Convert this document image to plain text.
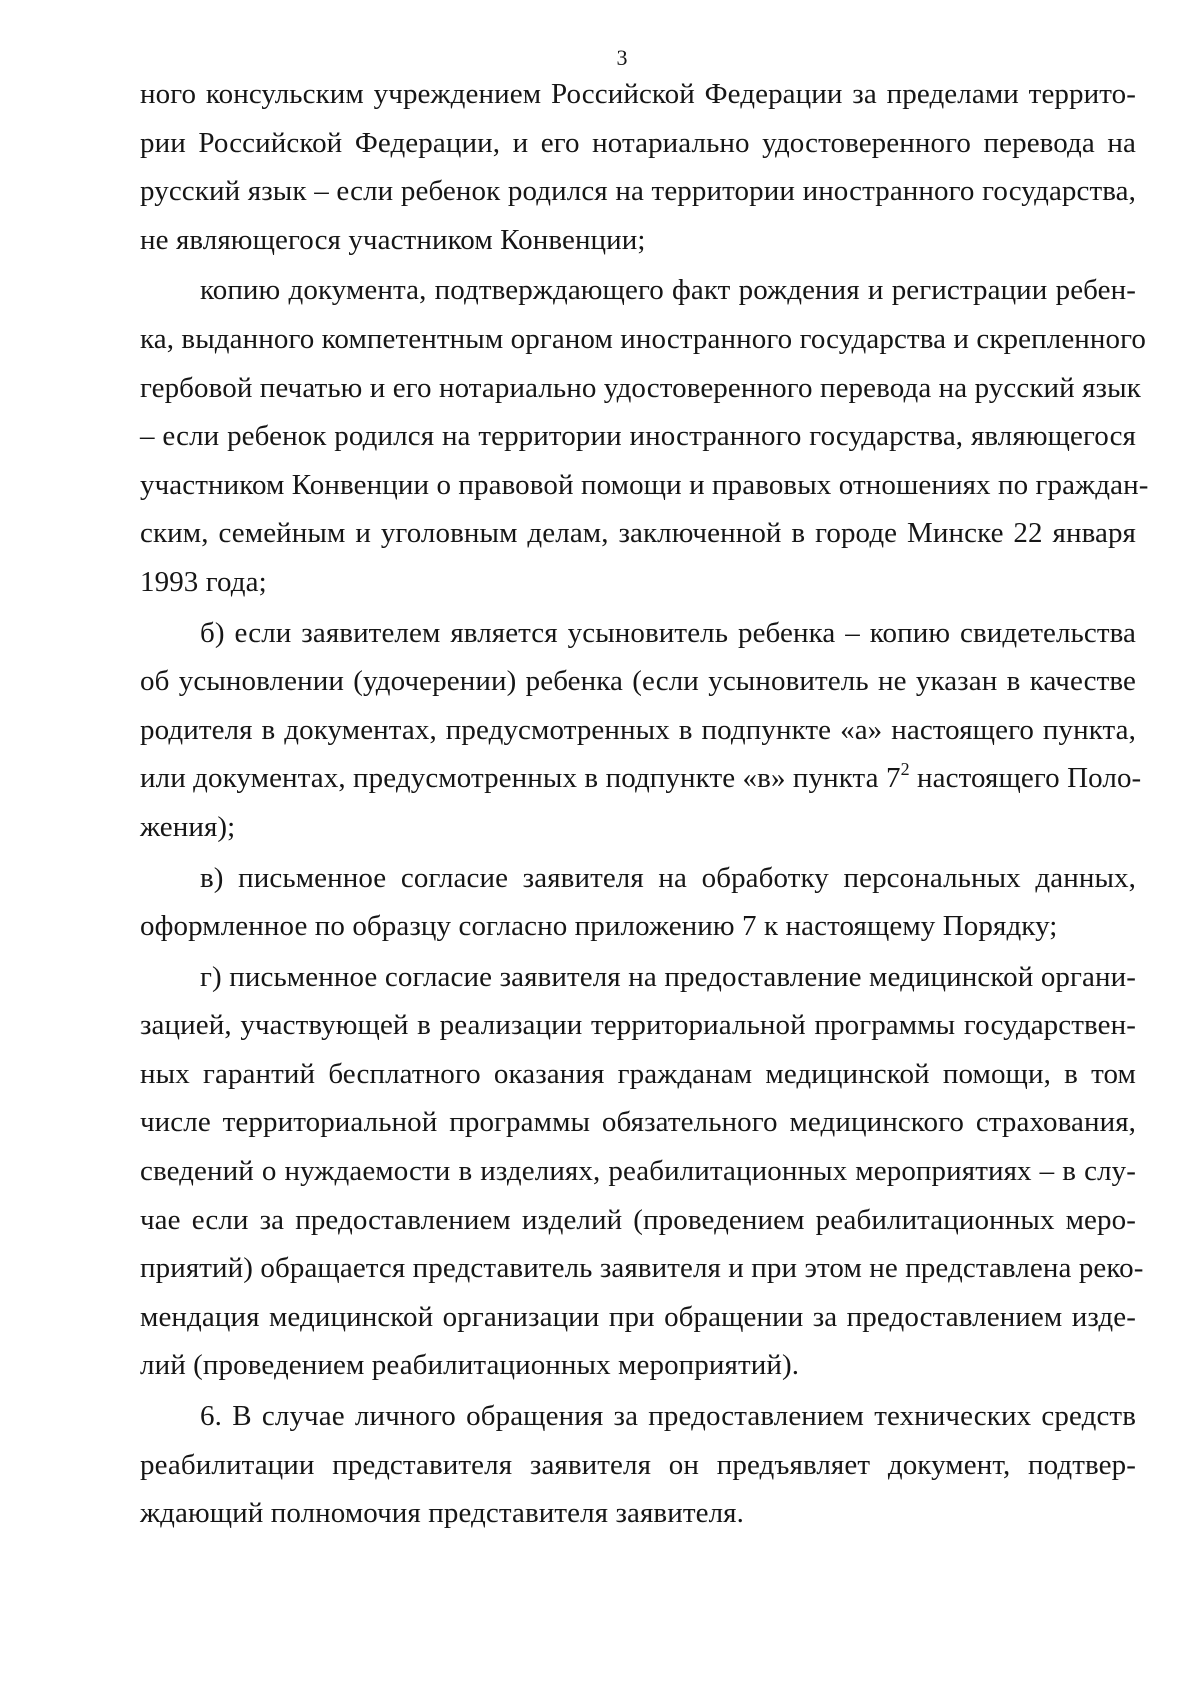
3
ного консульским учреждением Российской Федерации за пределами террито-
рии Российской Федерации, и его нотариально удостоверенного перевода на
русский язык – если ребенок родился на территории иностранного государства,
не являющегося участником Конвенции;
копию документа, подтверждающего факт рождения и регистрации ребен-
ка, выданного компетентным органом иностранного государства и скрепленного
гербовой печатью и его нотариально удостоверенного перевода на русский язык
– если ребенок родился на территории иностранного государства, являющегося
участником Конвенции о правовой помощи и правовых отношениях по граждан-
ским, семейным и уголовным делам, заключенной в городе Минске 22 января
1993 года;
б) если заявителем является усыновитель ребенка – копию свидетельства
об усыновлении (удочерении) ребенка (если усыновитель не указан в качестве
родителя в документах, предусмотренных в подпункте «а» настоящего пункта,
или документах, предусмотренных в подпункте «в» пункта $7^2$ настоящего Поло-
жения);
в) письменное согласие заявителя на обработку персональных данных,
оформленное по образцу согласно приложению 7 к настоящему Порядку;
г) письменное согласие заявителя на предоставление медицинской органи-
зацией, участвующей в реализации территориальной программы государствен-
ных гарантий бесплатного оказания гражданам медицинской помощи, в том
числе территориальной программы обязательного медицинского страхования,
сведений о нуждаемости в изделиях, реабилитационных мероприятиях – в слу-
чае если за предоставлением изделий (проведением реабилитационных меро-
приятий) обращается представитель заявителя и при этом не представлена реко-
мендация медицинской организации при обращении за предоставлением изде-
лий (проведением реабилитационных мероприятий).
6. В случае личного обращения за предоставлением технических средств
реабилитации представителя заявителя он предъявляет документ, подтвер-
ждающий полномочия представителя заявителя.
